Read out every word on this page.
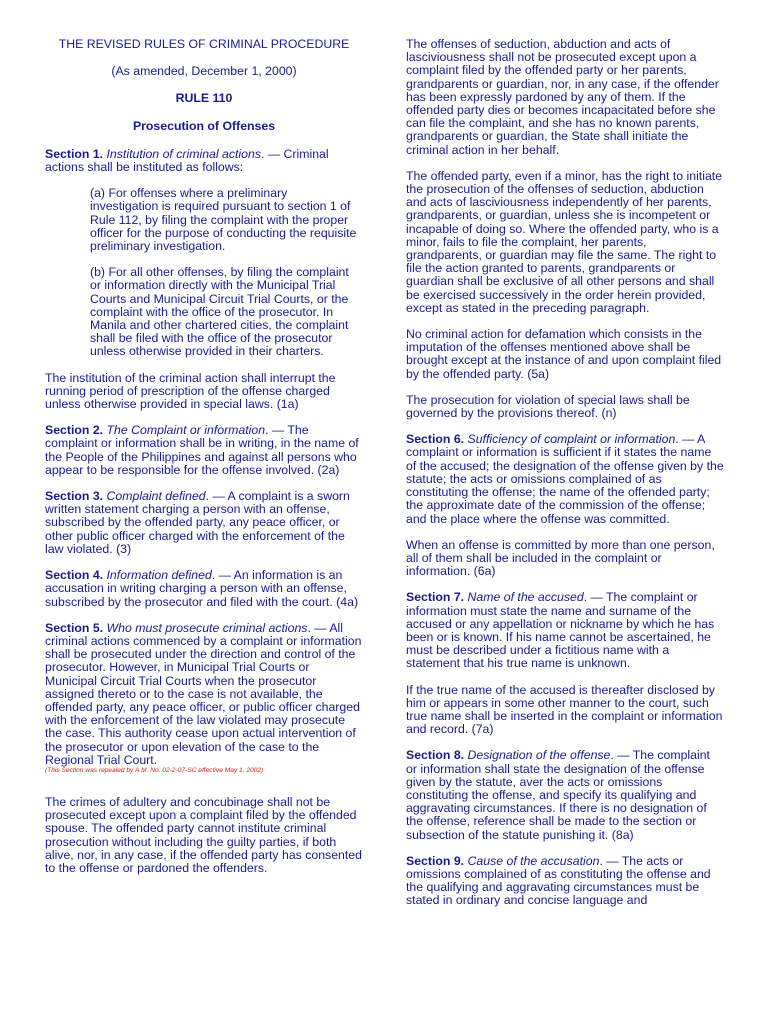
THE REVISED RULES OF CRIMINAL PROCEDURE

(As amended, December 1, 2000)

RULE 110

Prosecution of Offenses

Section 1. Institution of criminal actions. — Criminal actions shall be instituted as follows:

(a) For offenses where a preliminary investigation is required pursuant to section 1 of Rule 112, by filing the complaint with the proper officer for the purpose of conducting the requisite preliminary investigation.

(b) For all other offenses, by filing the complaint or information directly with the Municipal Trial Courts and Municipal Circuit Trial Courts, or the complaint with the office of the prosecutor. In Manila and other chartered cities, the complaint shall be filed with the office of the prosecutor unless otherwise provided in their charters.

The institution of the criminal action shall interrupt the running period of prescription of the offense charged unless otherwise provided in special laws. (1a)

Section 2. The Complaint or information. — The complaint or information shall be in writing, in the name of the People of the Philippines and against all persons who appear to be responsible for the offense involved. (2a)

Section 3. Complaint defined. — A complaint is a sworn written statement charging a person with an offense, subscribed by the offended party, any peace officer, or other public officer charged with the enforcement of the law violated. (3)

Section 4. Information defined. — An information is an accusation in writing charging a person with an offense, subscribed by the prosecutor and filed with the court. (4a)

Section 5. Who must prosecute criminal actions. — All criminal actions commenced by a complaint or information shall be prosecuted under the direction and control of the prosecutor. However, in Municipal Trial Courts or Municipal Circuit Trial Courts when the prosecutor assigned thereto or to the case is not available, the offended party, any peace officer, or public officer charged with the enforcement of the law violated may prosecute the case. This authority cease upon actual intervention of the prosecutor or upon elevation of the case to the Regional Trial Court.

(This Section was repealed by A.M. No. 02-2-07-SC effective May 1, 2002)

The crimes of adultery and concubinage shall not be prosecuted except upon a complaint filed by the offended spouse. The offended party cannot institute criminal prosecution without including the guilty parties, if both alive, nor, in any case, if the offended party has consented to the offense or pardoned the offenders.

The offenses of seduction, abduction and acts of lasciviousness shall not be prosecuted except upon a complaint filed by the offended party or her parents, grandparents or guardian, nor, in any case, if the offender has been expressly pardoned by any of them. If the offended party dies or becomes incapacitated before she can file the complaint, and she has no known parents, grandparents or guardian, the State shall initiate the criminal action in her behalf.

The offended party, even if a minor, has the right to initiate the prosecution of the offenses of seduction, abduction and acts of lasciviousness independently of her parents, grandparents, or guardian, unless she is incompetent or incapable of doing so. Where the offended party, who is a minor, fails to file the complaint, her parents, grandparents, or guardian may file the same. The right to file the action granted to parents, grandparents or guardian shall be exclusive of all other persons and shall be exercised successively in the order herein provided, except as stated in the preceding paragraph.

No criminal action for defamation which consists in the imputation of the offenses mentioned above shall be brought except at the instance of and upon complaint filed by the offended party. (5a)

The prosecution for violation of special laws shall be governed by the provisions thereof. (n)

Section 6. Sufficiency of complaint or information. — A complaint or information is sufficient if it states the name of the accused; the designation of the offense given by the statute; the acts or omissions complained of as constituting the offense; the name of the offended party; the approximate date of the commission of the offense; and the place where the offense was committed.

When an offense is committed by more than one person, all of them shall be included in the complaint or information. (6a)

Section 7. Name of the accused. — The complaint or information must state the name and surname of the accused or any appellation or nickname by which he has been or is known. If his name cannot be ascertained, he must be described under a fictitious name with a statement that his true name is unknown.

If the true name of the accused is thereafter disclosed by him or appears in some other manner to the court, such true name shall be inserted in the complaint or information and record. (7a)

Section 8. Designation of the offense. — The complaint or information shall state the designation of the offense given by the statute, aver the acts or omissions constituting the offense, and specify its qualifying and aggravating circumstances. If there is no designation of the offense, reference shall be made to the section or subsection of the statute punishing it. (8a)

Section 9. Cause of the accusation. — The acts or omissions complained of as constituting the offense and the qualifying and aggravating circumstances must be stated in ordinary and concise language and
